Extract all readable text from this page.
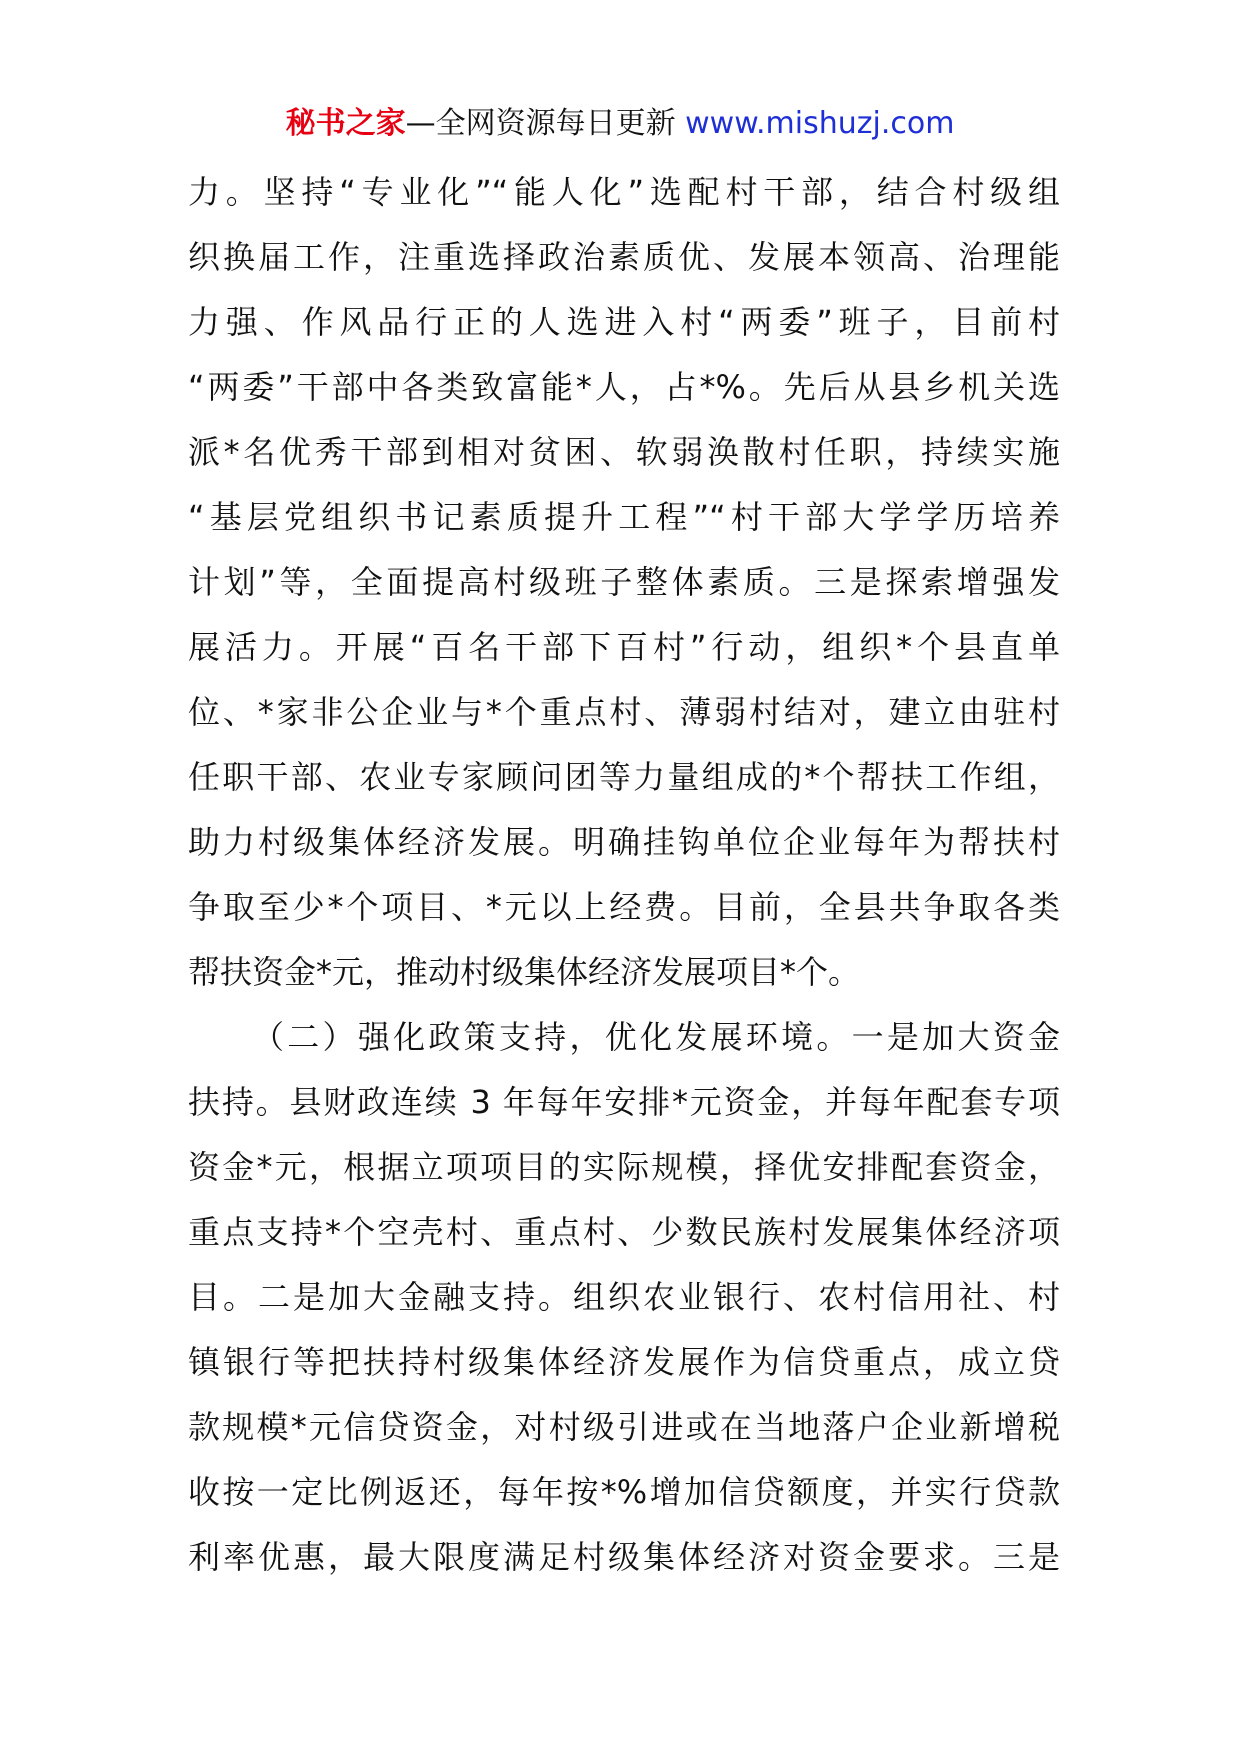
秘书之家—全网资源每日更新 www.mishuzj.com
力。坚持“专业化”“能人化”选配村干部，结合村级组
织换届工作，注重选择政治素质优、发展本领高、治理能
力强、作风品行正的人选进入村“两委”班子，目前村
“两委”干部中各类致富能*人，占*%。先后从县乡机关选
派*名优秀干部到相对贫困、软弱涣散村任职，持续实施
“基层党组织书记素质提升工程”“村干部大学学历培养
计划”等，全面提高村级班子整体素质。三是探索增强发
展活力。开展“百名干部下百村”行动，组织*个县直单
位、*家非公企业与*个重点村、薄弱村结对，建立由驻村
任职干部、农业专家顾问团等力量组成的*个帮扶工作组，
助力村级集体经济发展。明确挂钩单位企业每年为帮扶村
争取至少*个项目、*元以上经费。目前，全县共争取各类
帮扶资金*元，推动村级集体经济发展项目*个。
（二）强化政策支持，优化发展环境。一是加大资金
扶持。县财政连续 3 年每年安排*元资金，并每年配套专项
资金*元，根据立项项目的实际规模，择优安排配套资金，
重点支持*个空壳村、重点村、少数民族村发展集体经济项
目。二是加大金融支持。组织农业银行、农村信用社、村
镇银行等把扶持村级集体经济发展作为信贷重点，成立贷
款规模*元信贷资金，对村级引进或在当地落户企业新增税
收按一定比例返还，每年按*%增加信贷额度，并实行贷款
利率优惠，最大限度满足村级集体经济对资金要求。三是
